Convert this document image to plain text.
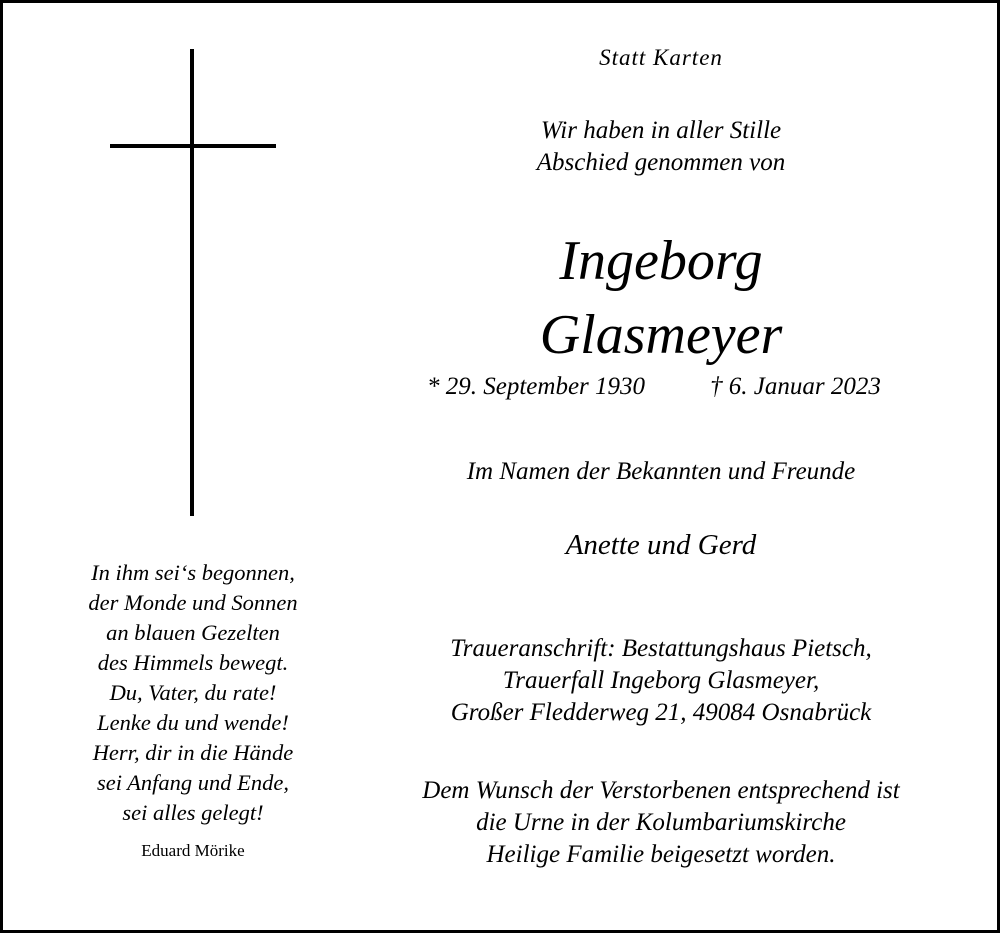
Statt Karten
Wir haben in aller Stille
Abschied genommen von
Ingeborg
Glasmeyer
* 29. September 1930	† 6. Januar 2023
Im Namen der Bekannten und Freunde
Anette und Gerd
Traueranschrift: Bestattungshaus Pietsch,
Trauerfall Ingeborg Glasmeyer,
Großer Fledderweg 21, 49084 Osnabrück
Dem Wunsch der Verstorbenen entsprechend ist
die Urne in der Kolumbariumskirche
Heilige Familie beigesetzt worden.
In ihm sei‘s begonnen,
der Monde und Sonnen
an blauen Gezelten
des Himmels bewegt.
Du, Vater, du rate!
Lenke du und wende!
Herr, dir in die Hände
sei Anfang und Ende,
sei alles gelegt!
Eduard Mörike
